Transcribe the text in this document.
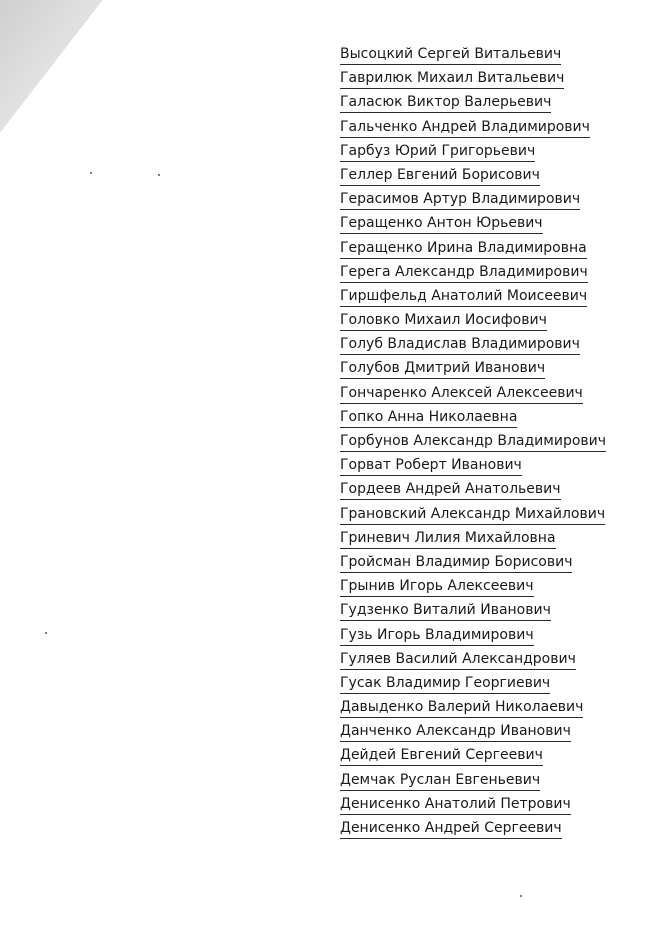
Высоцкий Сергей Витальевич
Гаврилюк Михаил Витальевич
Галасюк Виктор Валерьевич
Гальченко Андрей Владимирович
Гарбуз Юрий Григорьевич
Геллер Евгений Борисович
Герасимов Артур Владимирович
Геращенко Антон Юрьевич
Геращенко Ирина Владимировна
Герега Александр Владимирович
Гиршфельд Анатолий Моисеевич
Головко Михаил Иосифович
Голуб Владислав Владимирович
Голубов Дмитрий Иванович
Гончаренко Алексей Алексеевич
Гопко Анна Николаевна
Горбунов Александр Владимирович
Горват Роберт Иванович
Гордеев Андрей Анатольевич
Грановский Александр Михайлович
Гриневич Лилия Михайловна
Гройсман Владимир Борисович
Грынив Игорь Алексеевич
Гудзенко Виталий Иванович
Гузь Игорь Владимирович
Гуляев Василий Александрович
Гусак Владимир Георгиевич
Давыденко Валерий Николаевич
Данченко Александр Иванович
Дейдей Евгений Сергеевич
Демчак Руслан Евгеньевич
Денисенко Анатолий Петрович
Денисенко Андрей Сергеевич
